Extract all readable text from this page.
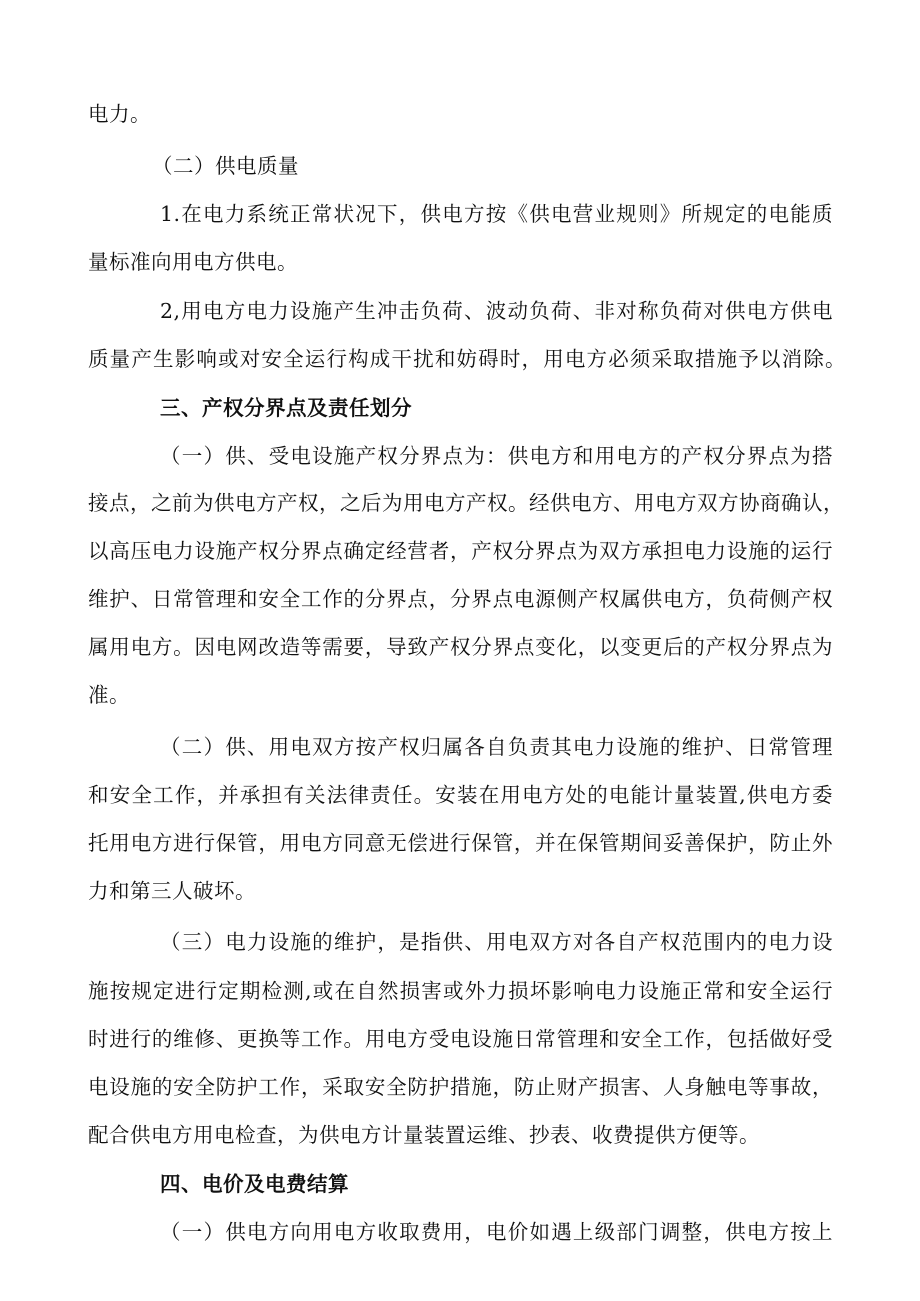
电力。
（二）供电质量
1.在电力系统正常状况下，供电方按《供电营业规则》所规定的电能质
量标准向用电方供电。
2,用电方电力设施产生冲击负荷、波动负荷、非对称负荷对供电方供电
质量产生影响或对安全运行构成干扰和妨碍时，用电方必须采取措施予以消除。
三、产权分界点及责任划分
（一）供、受电设施产权分界点为：供电方和用电方的产权分界点为搭
接点，之前为供电方产权，之后为用电方产权。经供电方、用电方双方协商确认，
以高压电力设施产权分界点确定经营者，产权分界点为双方承担电力设施的运行
维护、日常管理和安全工作的分界点，分界点电源侧产权属供电方，负荷侧产权
属用电方。因电网改造等需要，导致产权分界点变化，以变更后的产权分界点为
准。
（二）供、用电双方按产权归属各自负责其电力设施的维护、日常管理
和安全工作，并承担有关法律责任。安装在用电方处的电能计量装置,供电方委
托用电方进行保管，用电方同意无偿进行保管，并在保管期间妥善保护，防止外
力和第三人破坏。
（三）电力设施的维护，是指供、用电双方对各自产权范围内的电力设
施按规定进行定期检测,或在自然损害或外力损坏影响电力设施正常和安全运行
时进行的维修、更换等工作。用电方受电设施日常管理和安全工作，包括做好受
电设施的安全防护工作，采取安全防护措施，防止财产损害、人身触电等事故，
配合供电方用电检查，为供电方计量装置运维、抄表、收费提供方便等。
四、电价及电费结算
（一）供电方向用电方收取费用，电价如遇上级部门调整，供电方按上
